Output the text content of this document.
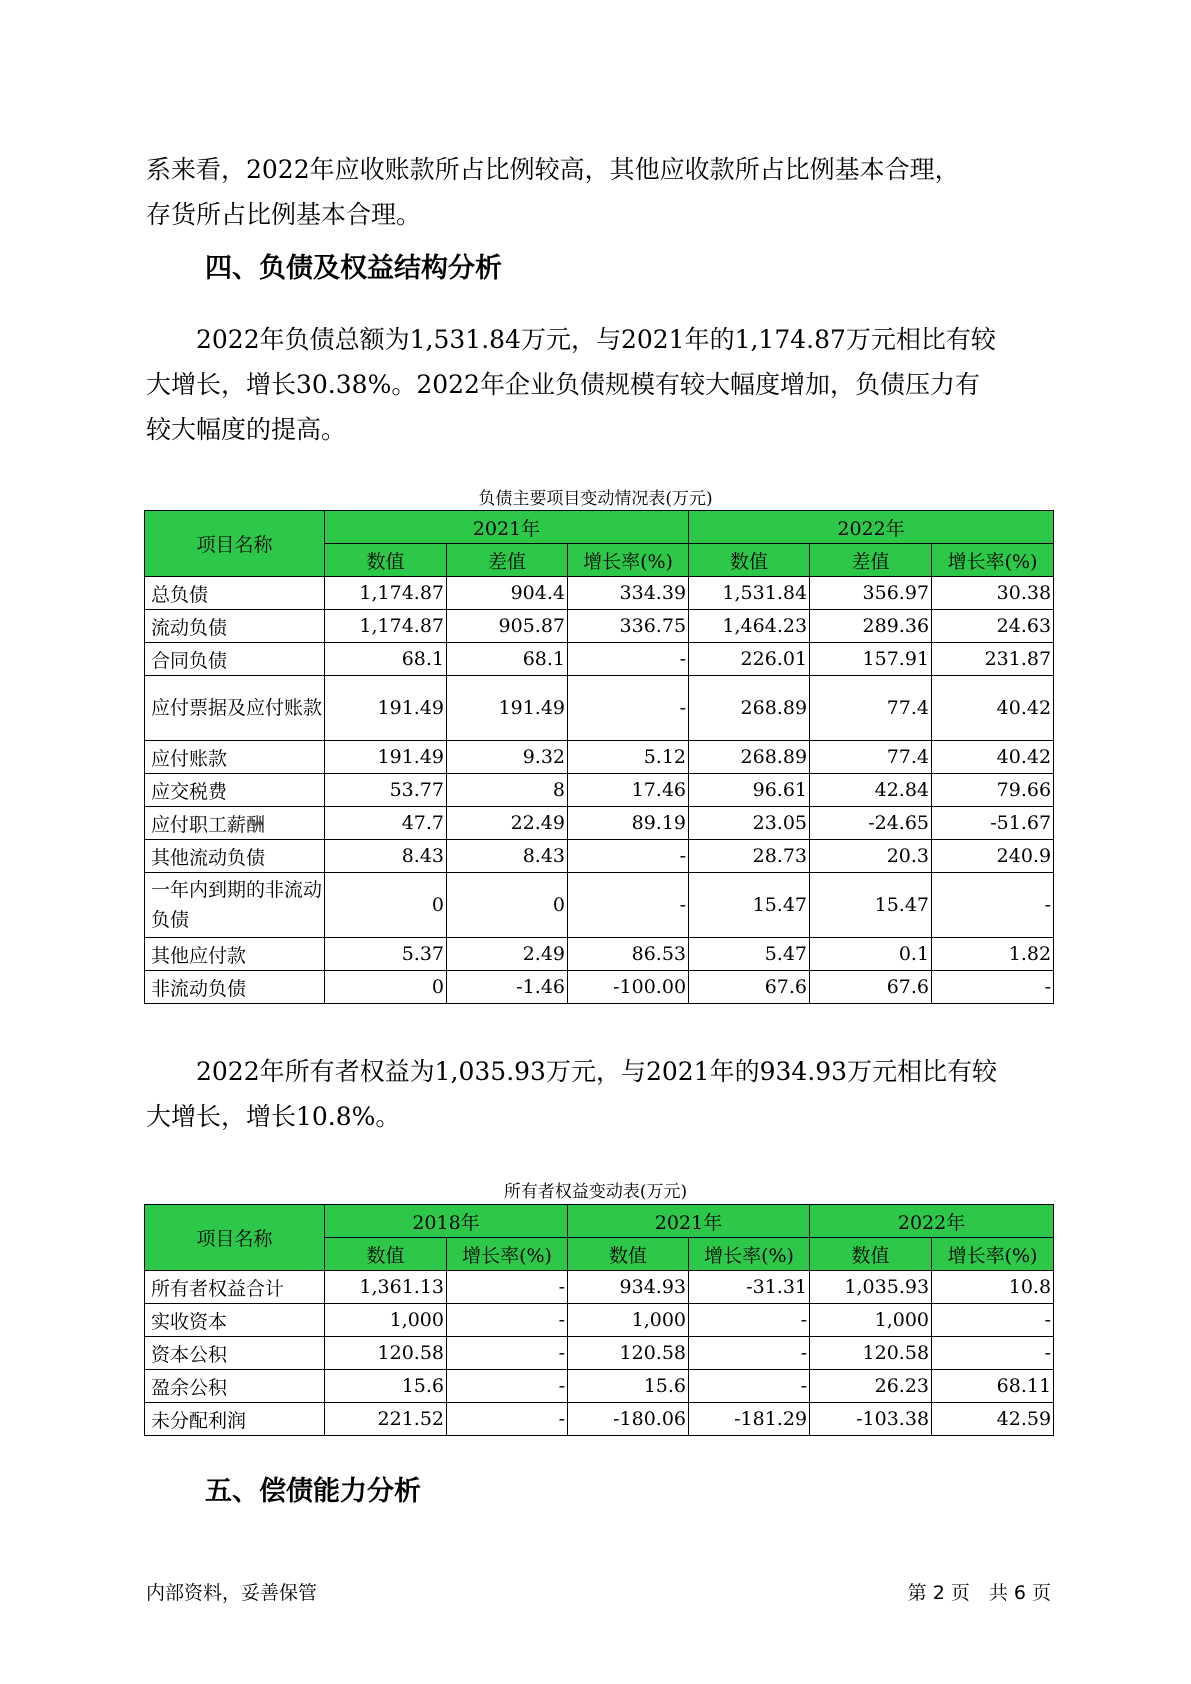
系来看，2022年应收账款所占比例较高，其他应收款所占比例基本合理，
存货所占比例基本合理。

四、负债及权益结构分析

　　2022年负债总额为1,531.84万元，与2021年的1,174.87万元相比有较
大增长，增长30.38%。2022年企业负债规模有较大幅度增加，负债压力有
较大幅度的提高。

负债主要项目变动情况表(万元)
项目名称	2021年			2022年		
	数值	差值	增长率(%)	数值	差值	增长率(%)
总负债	1,174.87	904.4	334.39	1,531.84	356.97	30.38
流动负债	1,174.87	905.87	336.75	1,464.23	289.36	24.63
合同负债	68.1	68.1	-	226.01	157.91	231.87
应付票据及应付账款	191.49	191.49	-	268.89	77.4	40.42
应付账款	191.49	9.32	5.12	268.89	77.4	40.42
应交税费	53.77	8	17.46	96.61	42.84	79.66
应付职工薪酬	47.7	22.49	89.19	23.05	-24.65	-51.67
其他流动负债	8.43	8.43	-	28.73	20.3	240.9
一年内到期的非流动负债	0	0	-	15.47	15.47	-
其他应付款	5.37	2.49	86.53	5.47	0.1	1.82
非流动负债	0	-1.46	-100.00	67.6	67.6	-

　　2022年所有者权益为1,035.93万元，与2021年的934.93万元相比有较
大增长，增长10.8%。

所有者权益变动表(万元)
项目名称	2018年		2021年		2022年	
	数值	增长率(%)	数值	增长率(%)	数值	增长率(%)
所有者权益合计	1,361.13	-	934.93	-31.31	1,035.93	10.8
实收资本	1,000	-	1,000	-	1,000	-
资本公积	120.58	-	120.58	-	120.58	-
盈余公积	15.6	-	15.6	-	26.23	68.11
未分配利润	221.52	-	-180.06	-181.29	-103.38	42.59
五、偿债能力分析
内部资料，妥善保管	第 2 页　共 6 页
